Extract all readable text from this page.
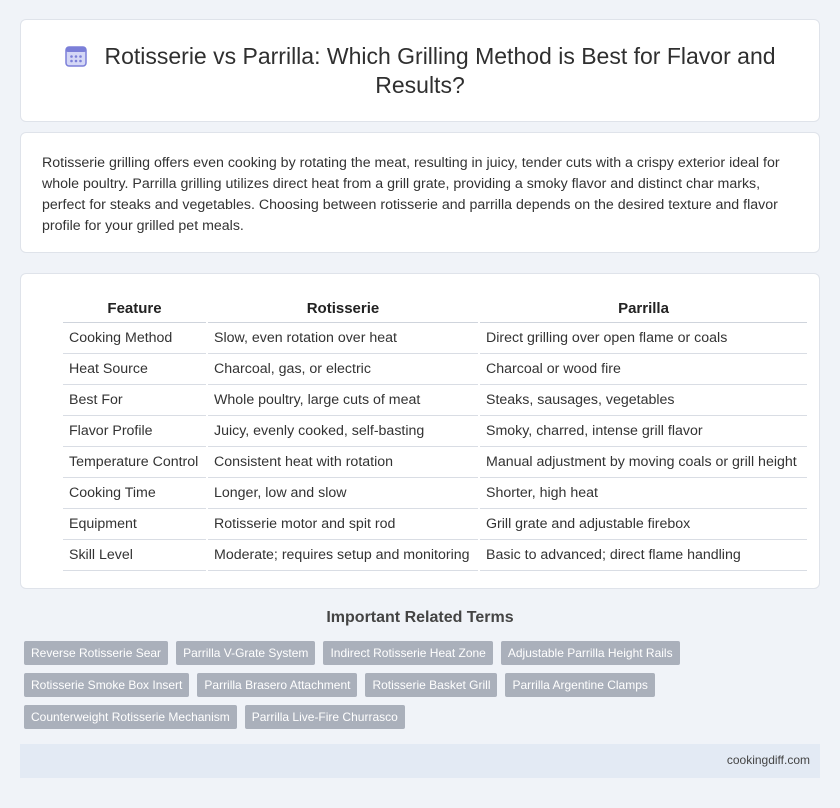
Rotisserie vs Parrilla: Which Grilling Method is Best for Flavor and Results?

Rotisserie grilling offers even cooking by rotating the meat, resulting in juicy, tender cuts with a crispy exterior ideal for whole poultry. Parrilla grilling utilizes direct heat from a grill grate, providing a smoky flavor and distinct char marks, perfect for steaks and vegetables. Choosing between rotisserie and parrilla depends on the desired texture and flavor profile for your grilled pet meals.

Feature	Rotisserie	Parrilla
Cooking Method	Slow, even rotation over heat	Direct grilling over open flame or coals
Heat Source	Charcoal, gas, or electric	Charcoal or wood fire
Best For	Whole poultry, large cuts of meat	Steaks, sausages, vegetables
Flavor Profile	Juicy, evenly cooked, self-basting	Smoky, charred, intense grill flavor
Temperature Control	Consistent heat with rotation	Manual adjustment by moving coals or grill height
Cooking Time	Longer, low and slow	Shorter, high heat
Equipment	Rotisserie motor and spit rod	Grill grate and adjustable firebox
Skill Level	Moderate; requires setup and monitoring	Basic to advanced; direct flame handling
Important Related Terms
Reverse Rotisserie Sear	Parrilla V-Grate System	Indirect Rotisserie Heat Zone	Adjustable Parrilla Height Rails
Rotisserie Smoke Box Insert	Parrilla Brasero Attachment	Rotisserie Basket Grill	Parrilla Argentine Clamps
Counterweight Rotisserie Mechanism	Parrilla Live-Fire Churrasco
cookingdiff.com
